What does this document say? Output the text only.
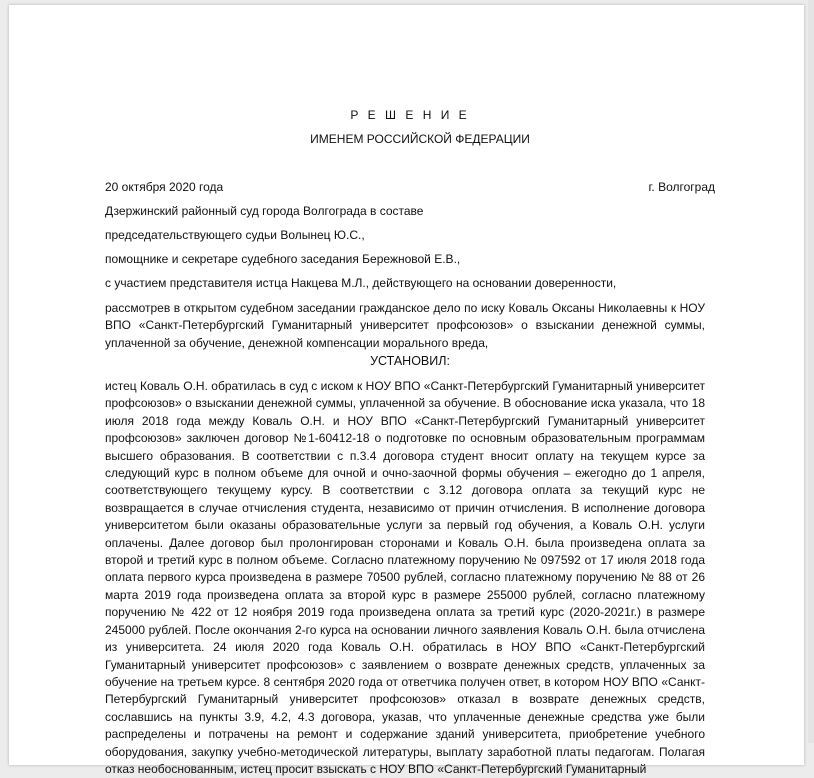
Р Е Ш Е Н И Е
ИМЕНЕМ РОССИЙСКОЙ ФЕДЕРАЦИИ
20 октября 2020 года	г. Волгоград
Дзержинский районный суд города Волгограда в составе
председательствующего судьи Волынец Ю.С.,
помощнике и секретаре судебного заседания Бережновой Е.В.,
с участием представителя истца Накцева М.Л., действующего на основании доверенности,
рассмотрев в открытом судебном заседании гражданское дело по иску Коваль Оксаны Николаевны к НОУ ВПО «Санкт-Петербургский Гуманитарный университет профсоюзов» о взыскании денежной суммы, уплаченной за обучение, денежной компенсации морального вреда,
УСТАНОВИЛ:
истец Коваль О.Н. обратилась в суд с иском к НОУ ВПО «Санкт-Петербургский Гуманитарный университет профсоюзов» о взыскании денежной суммы, уплаченной за обучение. В обоснование иска указала, что 18 июля 2018 года между Коваль О.Н. и НОУ ВПО «Санкт-Петербургский Гуманитарный университет профсоюзов» заключен договор №1-60412-18 о подготовке по основным образовательным программам высшего образования. В соответствии с п.3.4 договора студент вносит оплату на текущем курсе за следующий курс в полном объеме для очной и очно-заочной формы обучения – ежегодно до 1 апреля, соответствующего текущему курсу. В соответствии с 3.12 договора оплата за текущий курс не возвращается в случае отчисления студента, независимо от причин отчисления. В исполнение договора университетом были оказаны образовательные услуги за первый год обучения, а Коваль О.Н. услуги оплачены. Далее договор был пролонгирован сторонами и Коваль О.Н. была произведена оплата за второй и третий курс в полном объеме. Согласно платежному поручению № 097592 от 17 июля 2018 года оплата первого курса произведена в размере 70500 рублей, согласно платежному поручению № 88 от 26 марта 2019 года произведена оплата за второй курс в размере 255000 рублей, согласно платежному поручению № 422 от 12 ноября 2019 года произведена оплата за третий курс (2020-2021г.) в размере 245000 рублей. После окончания 2-го курса на основании личного заявления Коваль О.Н. была отчислена из университета. 24 июля 2020 года Коваль О.Н. обратилась в НОУ ВПО «Санкт-Петербургский Гуманитарный университет профсоюзов» с заявлением о возврате денежных средств, уплаченных за обучение на третьем курсе. 8 сентября 2020 года от ответчика получен ответ, в котором НОУ ВПО «Санкт-Петербургский Гуманитарный университет профсоюзов» отказал в возврате денежных средств, сославшись на пункты 3.9, 4.2, 4.3 договора, указав, что уплаченные денежные средства уже были распределены и потрачены на ремонт и содержание зданий университета, приобретение учебного оборудования, закупку учебно-методической литературы, выплату заработной платы педагогам. Полагая отказ необоснованным, истец просит взыскать с НОУ ВПО «Санкт-Петербургский Гуманитарный
